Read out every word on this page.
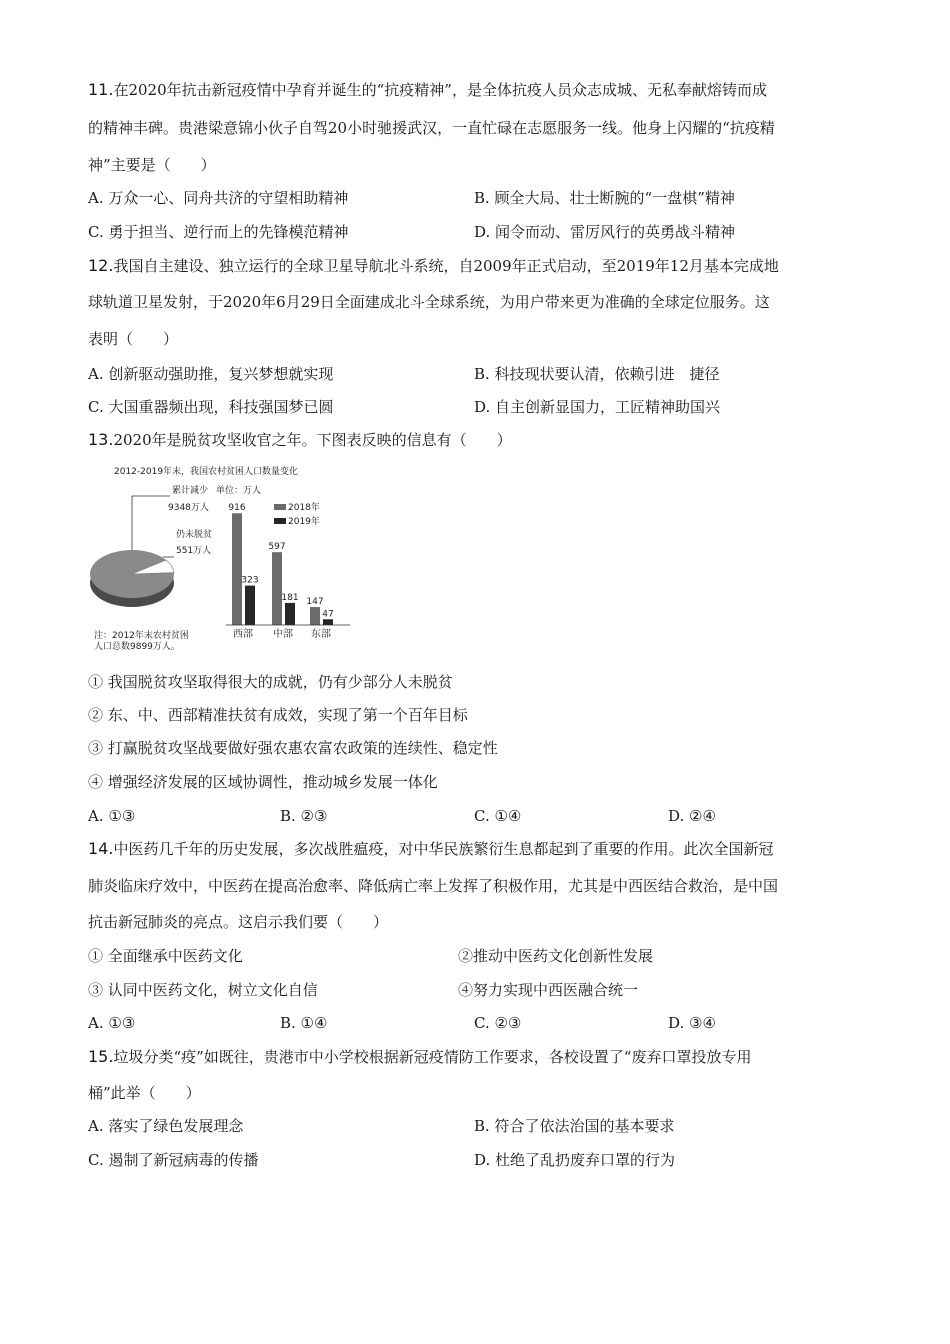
11.在2020年抗击新冠疫情中孕育并诞生的“抗疫精神”，是全体抗疫人员众志成城、无私奉献熔铸而成
的精神丰碑。贵港梁意锦小伙子自驾20小时驰援武汉，一直忙碌在志愿服务一线。他身上闪耀的“抗疫精
神”主要是（　　）
A. 万众一心、同舟共济的守望相助精神	B. 顾全大局、壮士断腕的“一盘棋”精神
C. 勇于担当、逆行而上的先锋模范精神	D. 闻令而动、雷厉风行的英勇战斗精神
12.我国自主建设、独立运行的全球卫星导航北斗系统，自2009年正式启动，至2019年12月基本完成地
球轨道卫星发射，于2020年6月29日全面建成北斗全球系统，为用户带来更为准确的全球定位服务。这
表明（　　）
A. 创新驱动强助推，复兴梦想就实现	B. 科技现状要认清，依赖引进　捷径
C. 大国重器频出现，科技强国梦已圆	D. 自主创新显国力，工匠精神助国兴
13.2020年是脱贫攻坚收官之年。下图表反映的信息有（　　）
2012-2019年末，我国农村贫困人口数量变化
累计减少 单位：万人
9348万人
仍未脱贫
551万人
2018年
2019年
916
323
西部
597
181
中部
147
47
东部
注：2012年末农村贫困
人口总数9899万人。
① 我国脱贫攻坚取得很大的成就，仍有少部分人未脱贫
② 东、中、西部精准扶贫有成效，实现了第一个百年目标
③ 打赢脱贫攻坚战要做好强农惠农富农政策的连续性、稳定性
④ 增强经济发展的区域协调性，推动城乡发展一体化
A. ①③	B. ②③	C. ①④	D. ②④
14.中医药几千年的历史发展，多次战胜瘟疫，对中华民族繁衍生息都起到了重要的作用。此次全国新冠
肺炎临床疗效中，中医药在提高治愈率、降低病亡率上发挥了积极作用，尤其是中西医结合救治，是中国
抗击新冠肺炎的亮点。这启示我们要（　　）
① 全面继承中医药文化	②推动中医药文化创新性发展
③ 认同中医药文化，树立文化自信	④努力实现中西医融合统一
A. ①③	B. ①④	C. ②③	D. ③④
15.垃圾分类“疫”如既往，贵港市中小学校根据新冠疫情防工作要求，各校设置了“废弃口罩投放专用
桶”此举（　　）
A. 落实了绿色发展理念	B. 符合了依法治国的基本要求
C. 遏制了新冠病毒的传播	D. 杜绝了乱扔废弃口罩的行为
